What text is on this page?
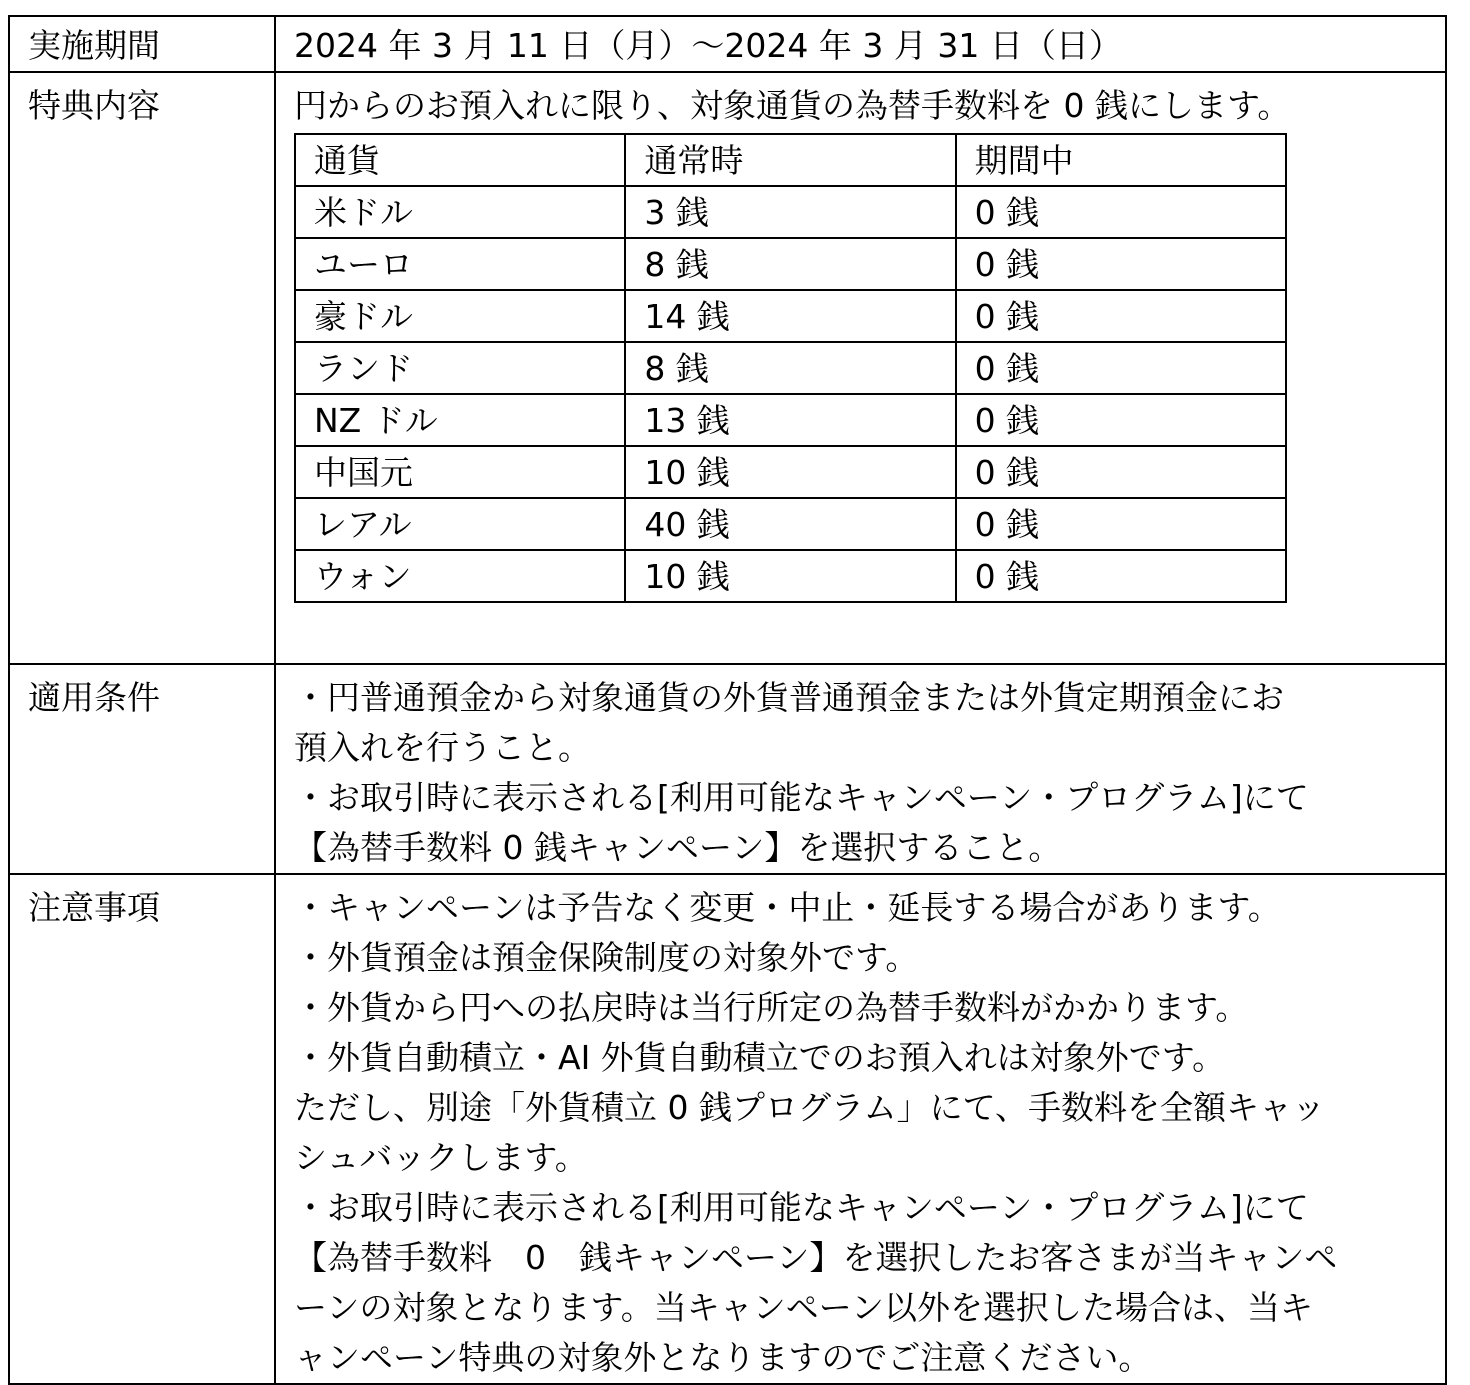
実施期間	2024 年 3 月 11 日（月）～2024 年 3 月 31 日（日）
特典内容	円からのお預入れに限り、対象通貨の為替手数料を 0 銭にします。
通貨	通常時	期間中
米ドル	3 銭	0 銭
ユーロ	8 銭	0 銭
豪ドル	14 銭	0 銭
ランド	8 銭	0 銭
NZ ドル	13 銭	0 銭
中国元	10 銭	0 銭
レアル	40 銭	0 銭
ウォン	10 銭	0 銭

適用条件	・円普通預金から対象通貨の外貨普通預金または外貨定期預金にお
預入れを行うこと。
・お取引時に表示される[利用可能なキャンペーン・プログラム]にて
【為替手数料 0 銭キャンペーン】を選択すること。

注意事項	・キャンペーンは予告なく変更・中止・延長する場合があります。
・外貨預金は預金保険制度の対象外です。
・外貨から円への払戻時は当行所定の為替手数料がかかります。
・外貨自動積立・AI 外貨自動積立でのお預入れは対象外です。
ただし、別途「外貨積立 0 銭プログラム」にて、手数料を全額キャッ
シュバックします。
・お取引時に表示される[利用可能なキャンペーン・プログラム]にて
【為替手数料　0　銭キャンペーン】を選択したお客さまが当キャンペ
ーンの対象となります。当キャンペーン以外を選択した場合は、当キ
ャンペーン特典の対象外となりますのでご注意ください。
